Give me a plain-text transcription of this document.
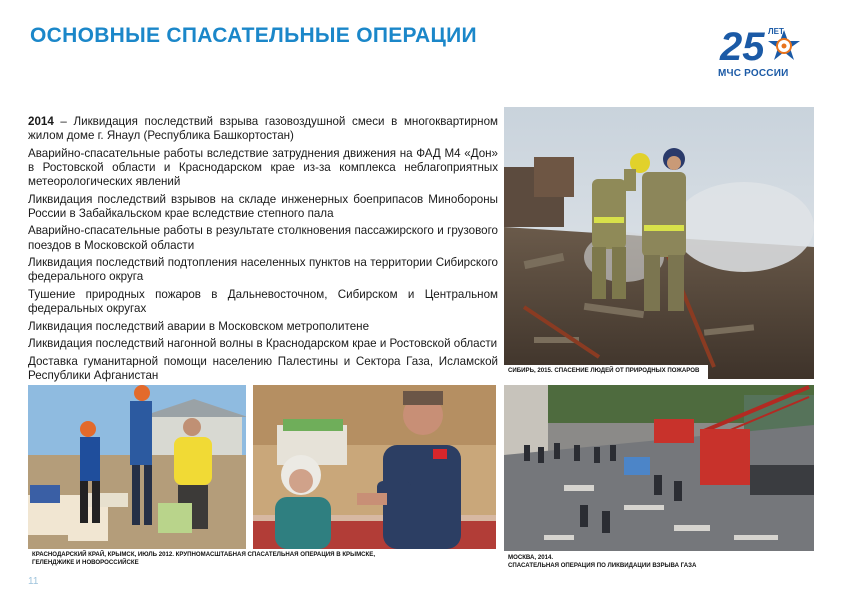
ОСНОВНЫЕ СПАСАТЕЛЬНЫЕ ОПЕРАЦИИ	25 ЛЕТ
МЧС РОССИИ

2014 – Ликвидация последствий взрыва газовоздушной смеси в многоквартирном жилом доме г. Янаул (Республика Башкортостан)

Аварийно-спасательные работы вследствие затруднения движения на ФАД М4 «Дон» в Ростовской области и Краснодарском крае из-за комплекса неблагоприятных метеорологических явлений

Ликвидация последствий взрывов на складе инженерных боеприпасов Минобороны России в Забайкальском крае вследствие степного пала

Аварийно-спасательные работы в результате столкновения пассажирского и грузового поездов в Московской области

Ликвидация последствий подтопления населенных пунктов на территории Сибирского федерального округа

Тушение природных пожаров в Дальневосточном, Сибирском и Центральном федеральных округах

Ликвидация последствий аварии в Московском метрополитене

Ликвидация последствий нагонной волны в Краснодарском крае и Ростовской области

Доставка гуманитарной помощи населению Палестины и Сектора Газа, Исламской Республики Афганистан	СИБИРЬ, 2015. СПАСЕНИЕ ЛЮДЕЙ ОТ ПРИРОДНЫХ ПОЖАРОВ
КРАСНОДАРСКИЙ КРАЙ, КРЫМСК, ИЮЛЬ 2012. КРУПНОМАСШТАБНАЯ СПАСАТЕЛЬНАЯ ОПЕРАЦИЯ В КРЫМСКЕ, ГЕЛЕНДЖИКЕ И НОВОРОССИЙСКЕ
МОСКВА, 2014.
СПАСАТЕЛЬНАЯ ОПЕРАЦИЯ ПО ЛИКВИДАЦИИ ВЗРЫВА ГАЗА
11
